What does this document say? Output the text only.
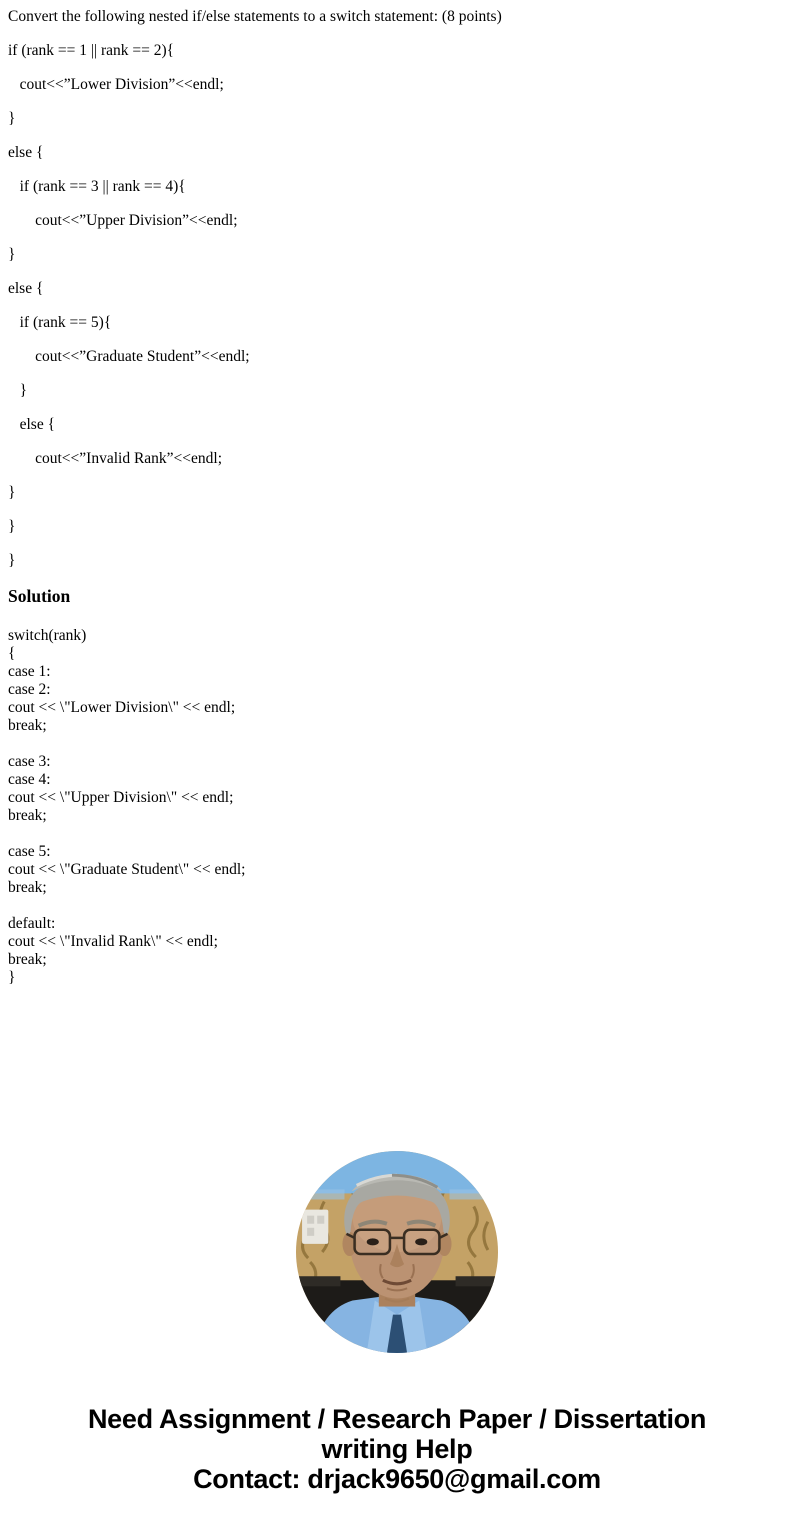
Convert the following nested if/else statements to a switch statement: (8 points)

if (rank == 1 || rank == 2){

cout<<”Lower Division”<<endl;

}

else {

if (rank == 3 || rank == 4){

cout<<”Upper Division”<<endl;

}

else {

if (rank == 5){

cout<<”Graduate Student”<<endl;

}

else {

cout<<”Invalid Rank”<<endl;

}

}

}

Solution

switch(rank)

{

case 1:

case 2:

cout << \"Lower Division\" << endl;

break;

case 3:

case 4:

cout << \"Upper Division\" << endl;

break;

case 5:

cout << \"Graduate Student\" << endl;

break;

default:

cout << \"Invalid Rank\" << endl;

break;

}

Need Assignment / Research Paper / Dissertation
writing Help
Contact: drjack9650@gmail.com
